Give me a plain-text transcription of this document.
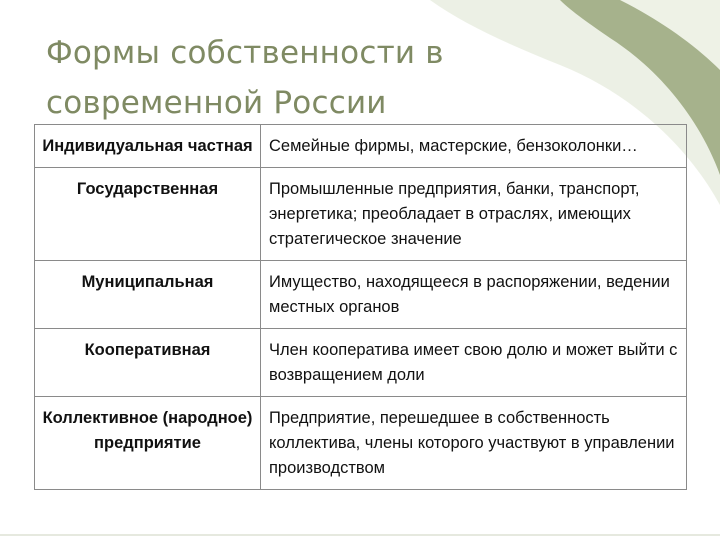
Формы собственности в современной России
Индивидуальная частная	Семейные фирмы, мастерские, бензоколонки…
Государственная	Промышленные предприятия, банки, транспорт, энергетика; преобладает в отраслях, имеющих стратегическое значение
Муниципальная	Имущество, находящееся в распоряжении, ведении местных органов
Кооперативная	Член кооператива имеет свою долю и может выйти с возвращением доли
Коллективное (народное) предприятие	Предприятие, перешедшее в собственность коллектива, члены которого участвуют в управлении производством
